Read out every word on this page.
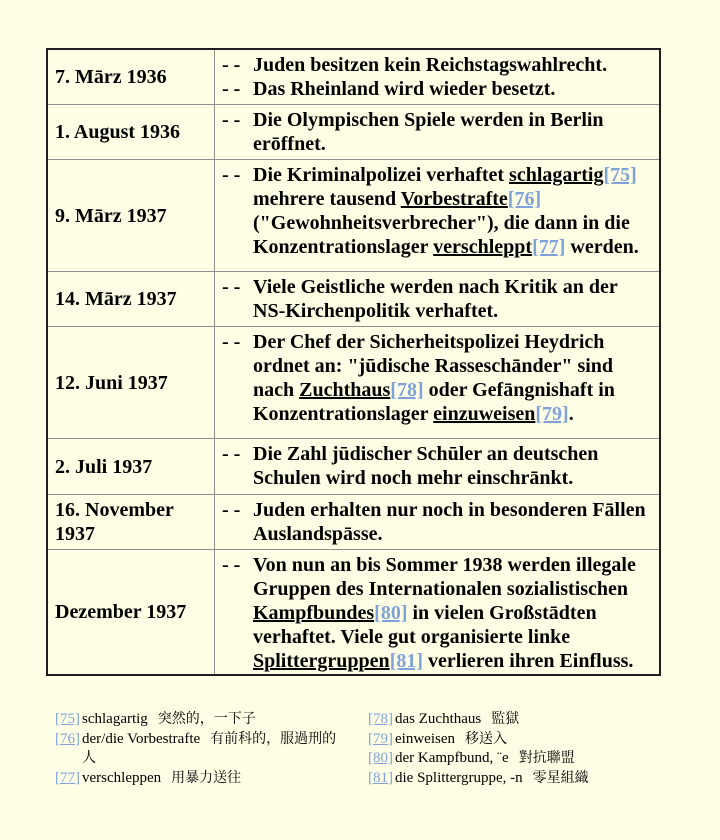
7. Mārz 1936
- - Juden besitzen kein Reichstagswahlrecht.
- - Das Rheinland wird wieder besetzt.
1. August 1936
- - Die Olympischen Spiele werden in Berlin
erōffnet.
9. Mārz 1937
- - Die Kriminalpolizei verhaftet schlagartig[75]
mehrere tausend Vorbestrafte[76]
("Gewohnheitsverbrecher"), die dann in die
Konzentrationslager verschleppt[77] werden.
14. Mārz 1937
- - Viele Geistliche werden nach Kritik an der
NS-Kirchenpolitik verhaftet.
12. Juni 1937
- - Der Chef der Sicherheitspolizei Heydrich
ordnet an: "jūdische Rasseschānder" sind
nach Zuchthaus[78] oder Gefāngnishaft in
Konzentrationslager einzuweisen[79].
2. Juli 1937
- - Die Zahl jūdischer Schūler an deutschen
Schulen wird noch mehr einschrānkt.
16. November 1937
- - Juden erhalten nur noch in besonderen Fāllen
Auslandspāsse.
Dezember 1937
- - Von nun an bis Sommer 1938 werden illegale
Gruppen des Internationalen sozialistischen
Kampfbundes[80] in vielen Großstādten
verhaftet. Viele gut organisierte linke
Splittergruppen[81] verlieren ihren Einfluss.
[75] schlagartig 突然的，一下子
[76] der/die Vorbestrafte 有前科的，服過刑的
人
[77] verschleppen 用暴力送往
[78] das Zuchthaus 監獄
[79] einweisen 移送入
[80] der Kampfbund, ¨e 對抗聯盟
[81] die Splittergruppe, -n 零星組織
